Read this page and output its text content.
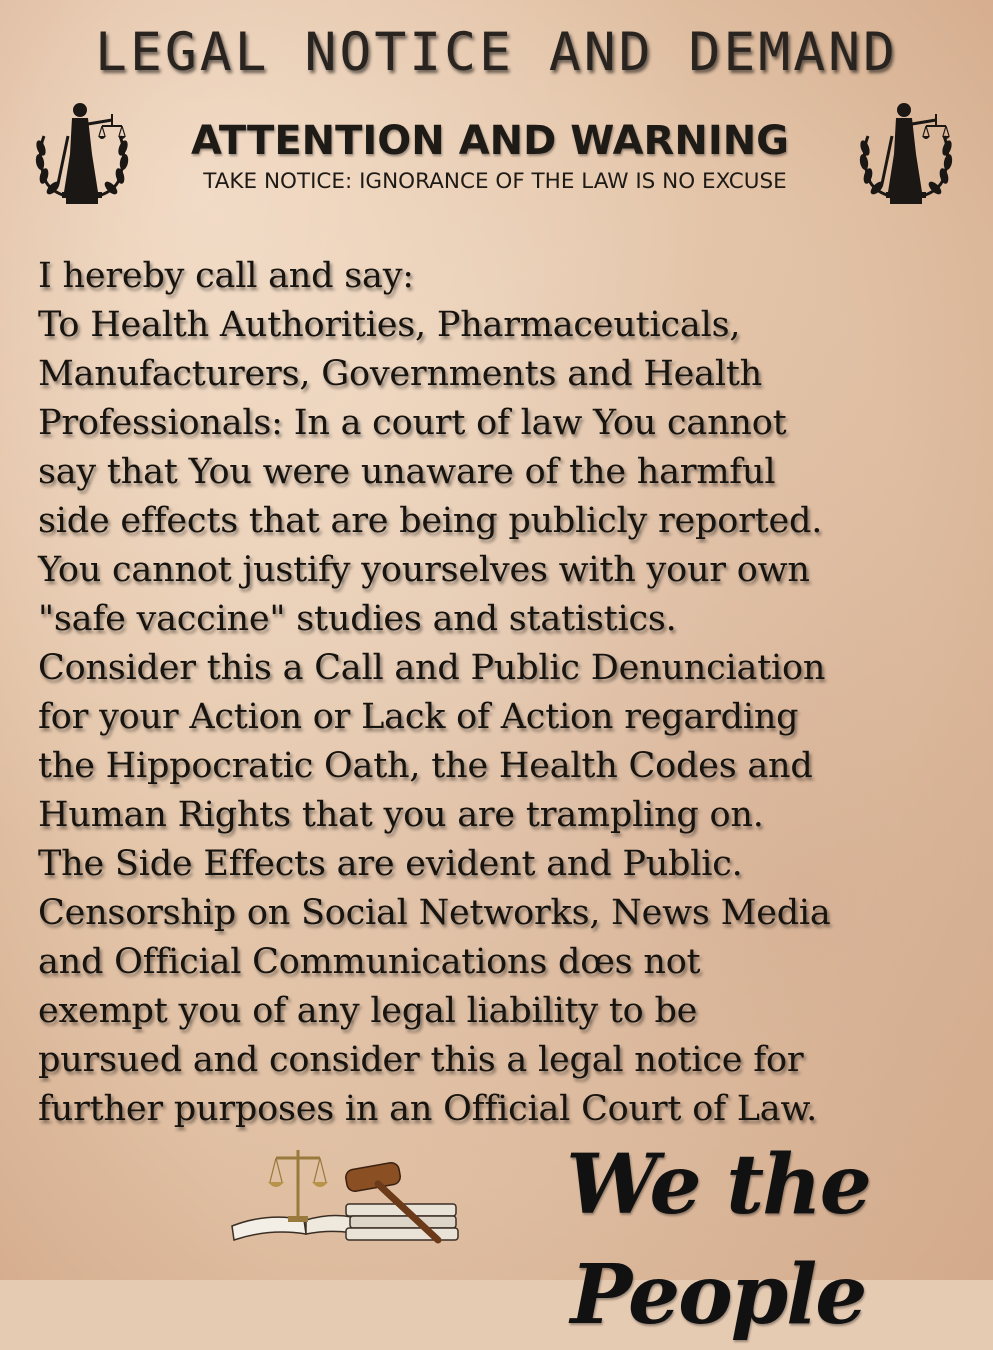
LEGAL NOTICE AND DEMAND

ATTENTION AND WARNING

TAKE NOTICE: IGNORANCE OF THE LAW IS NO EXCUSE

I hereby call and say:
To Health Authorities, Pharmaceuticals,
Manufacturers, Governments and Health
Professionals: In a court of law You cannot
say that You were unaware of the harmful
side effects that are being publicly reported.
You cannot justify yourselves with your own
"safe vaccine" studies and statistics.
Consider this a Call and Public Denunciation
for your Action or Lack of Action regarding
the Hippocratic Oath, the Health Codes and
Human Rights that you are trampling on.
The Side Effects are evident and Public.
Censorship on Social Networks, News Media
and Official Communications dœs not
exempt you of any legal liability to be
pursued and consider this a legal notice for
further purposes in an Official Court of Law.
We the People
